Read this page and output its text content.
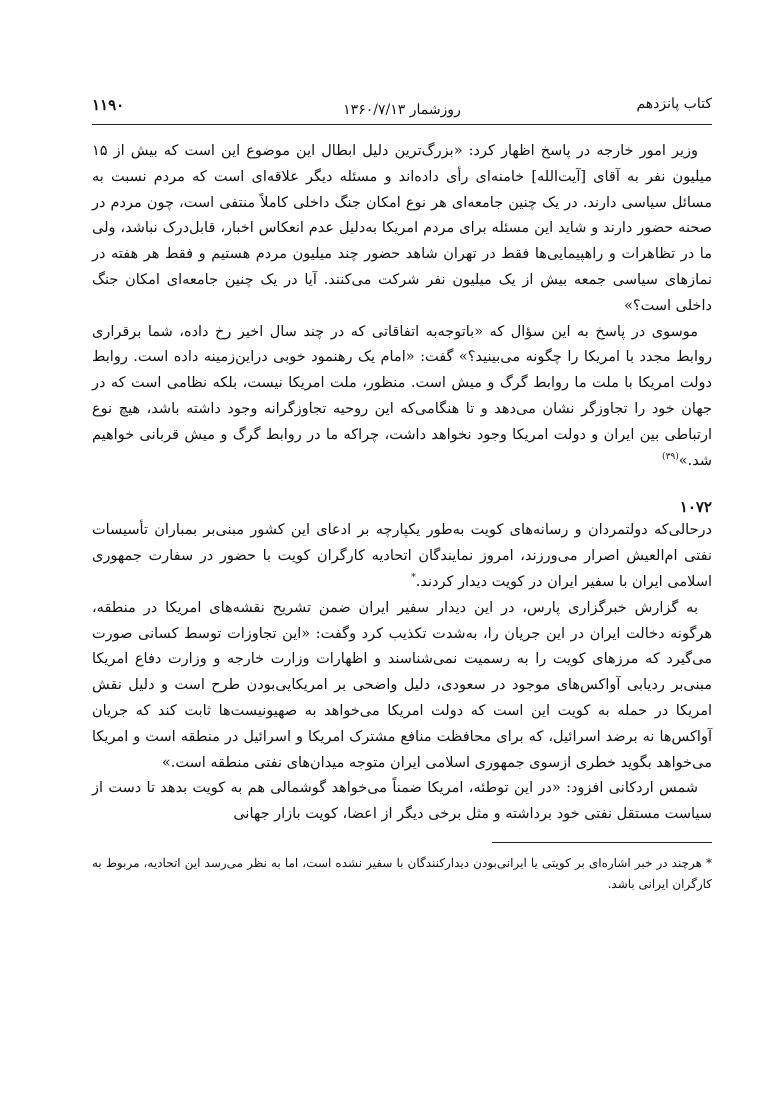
کتاب پانزدهم
روزشمار ۱۳۶۰/۷/۱۳
۱۱۹۰

وزیر امور خارجه در پاسخ اظهار کرد: «بزرگ‌ترین دلیل ابطال این موضوع این است که بیش از ۱۵ میلیون نفر به آقای [آیت‌الله] خامنه‌ای رأی داده‌اند و مسئله دیگر علاقه‌ای است که مردم نسبت به مسائل سیاسی دارند. در یک چنین جامعه‌ای هر نوع امکان جنگ داخلی کاملاً منتفی است، چون مردم در صحنه حضور دارند و شاید این مسئله برای مردم امریکا به‌دلیل عدم انعکاس اخبار، قابل‌درک نباشد، ولی ما در تظاهرات و راهپیمایی‌ها فقط در تهران شاهد حضور چند میلیون مردم هستیم و فقط هر هفته در نمازهای سیاسی جمعه بیش از یک میلیون نفر شرکت می‌کنند. آیا در یک چنین جامعه‌ای امکان جنگ داخلی است؟»

موسوی در پاسخ به این سؤال که «باتوجه‌به اتفاقاتی که در چند سال اخیر رخ داده، شما برقراری روابط مجدد با امریکا را چگونه می‌بینید؟» گفت: «امام یک رهنمود خوبی دراین‌زمینه داده است. روابط دولت امریکا با ملت ما روابط گرگ و میش است. منظور، ملت امریکا نیست، بلکه نظامی است که در جهان خود را تجاوزگر نشان می‌دهد و تا هنگامی‌که این روحیه تجاوزگرانه وجود داشته باشد، هیچ نوع ارتباطی بین ایران و دولت امریکا وجود نخواهد داشت، چراکه ما در روابط گرگ و میش قربانی خواهیم شد.»$^{(۳۹)}$

۱۰۷۲

درحالی‌که دولتمردان و رسانه‌های کویت به‌طور یکپارچه بر ادعای این کشور مبنی‌بر بمباران تأسیسات نفتی ام‌العیش اصرار می‌ورزند، امروز نمایندگان اتحادیه کارگران کویت با حضور در سفارت جمهوری اسلامی ایران با سفیر ایران در کویت دیدار کردند.*

به گزارش خبرگزاری پارس، در این دیدار سفیر ایران ضمن تشریح نقشه‌های امریکا در منطقه، هرگونه دخالت ایران در این جریان را، به‌شدت تکذیب کرد وگفت: «این تجاوزات توسط کسانی صورت می‌گیرد که مرزهای کویت را به رسمیت نمی‌شناسند و اظهارات وزارت خارجه و وزارت دفاع امریکا مبنی‌بر ردیابی آواکس‌های موجود در سعودی، دلیل واضحی بر امریکایی‌بودن طرح است و دلیل نقش امریکا در حمله به کویت این است که دولت امریکا می‌خواهد به صهیونیست‌ها ثابت کند که جریان آواکس‌ها نه برضد اسرائیل، که برای محافظت منافع مشترک امریکا و اسرائیل در منطقه است و امریکا می‌خواهد بگوید خطری ازسوی جمهوری اسلامی ایران متوجه میدان‌های نفتی منطقه است.»

شمس اردکانی افزود: «در این توطئه، امریکا ضمناً می‌خواهد گوشمالی هم به کویت بدهد تا دست از سیاست مستقل نفتی خود برداشته و مثل برخی دیگر از اعضا، کویت بازار جهانی

* هرچند در خبر اشاره‌ای بر کویتی یا ایرانی‌بودن دیدارکنندگان با سفیر نشده است، اما به نظر می‌رسد این اتحادیه، مربوط به کارگران ایرانی باشد.
